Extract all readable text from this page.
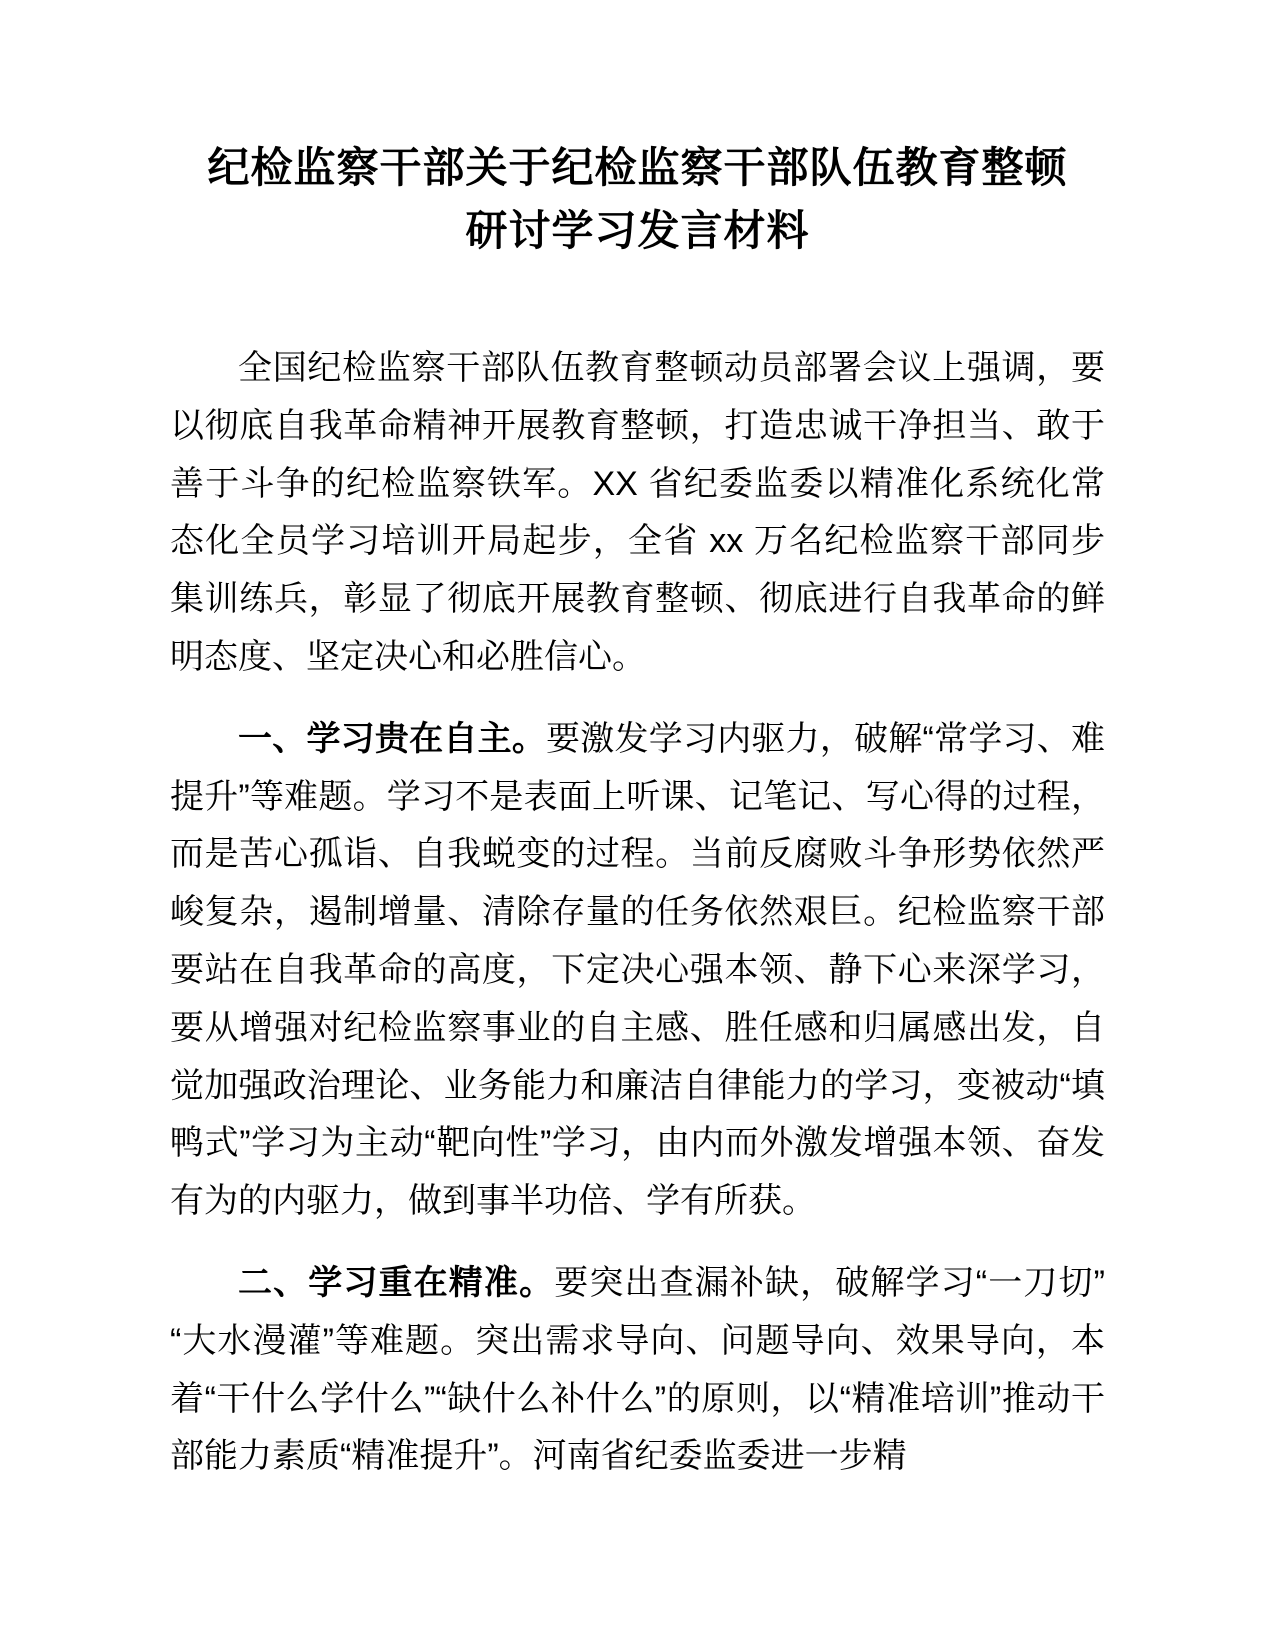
纪检监察干部关于纪检监察干部队伍教育整顿
研讨学习发言材料

全国纪检监察干部队伍教育整顿动员部署会议上强调，要以彻底自我革命精神开展教育整顿，打造忠诚干净担当、敢于善于斗争的纪检监察铁军。XX 省纪委监委以精准化系统化常态化全员学习培训开局起步，全省 xx 万名纪检监察干部同步集训练兵，彰显了彻底开展教育整顿、彻底进行自我革命的鲜明态度、坚定决心和必胜信心。

一、学习贵在自主。要激发学习内驱力，破解“常学习、难提升”等难题。学习不是表面上听课、记笔记、写心得的过程，而是苦心孤诣、自我蜕变的过程。当前反腐败斗争形势依然严峻复杂，遏制增量、清除存量的任务依然艰巨。纪检监察干部要站在自我革命的高度，下定决心强本领、静下心来深学习，要从增强对纪检监察事业的自主感、胜任感和归属感出发，自觉加强政治理论、业务能力和廉洁自律能力的学习，变被动“填鸭式”学习为主动“靶向性”学习，由内而外激发增强本领、奋发有为的内驱力，做到事半功倍、学有所获。

二、学习重在精准。要突出查漏补缺，破解学习“一刀切”“大水漫灌”等难题。突出需求导向、问题导向、效果导向，本着“干什么学什么”“缺什么补什么”的原则，以“精准培训”推动干部能力素质“精准提升”。河南省纪委监委进一步精
